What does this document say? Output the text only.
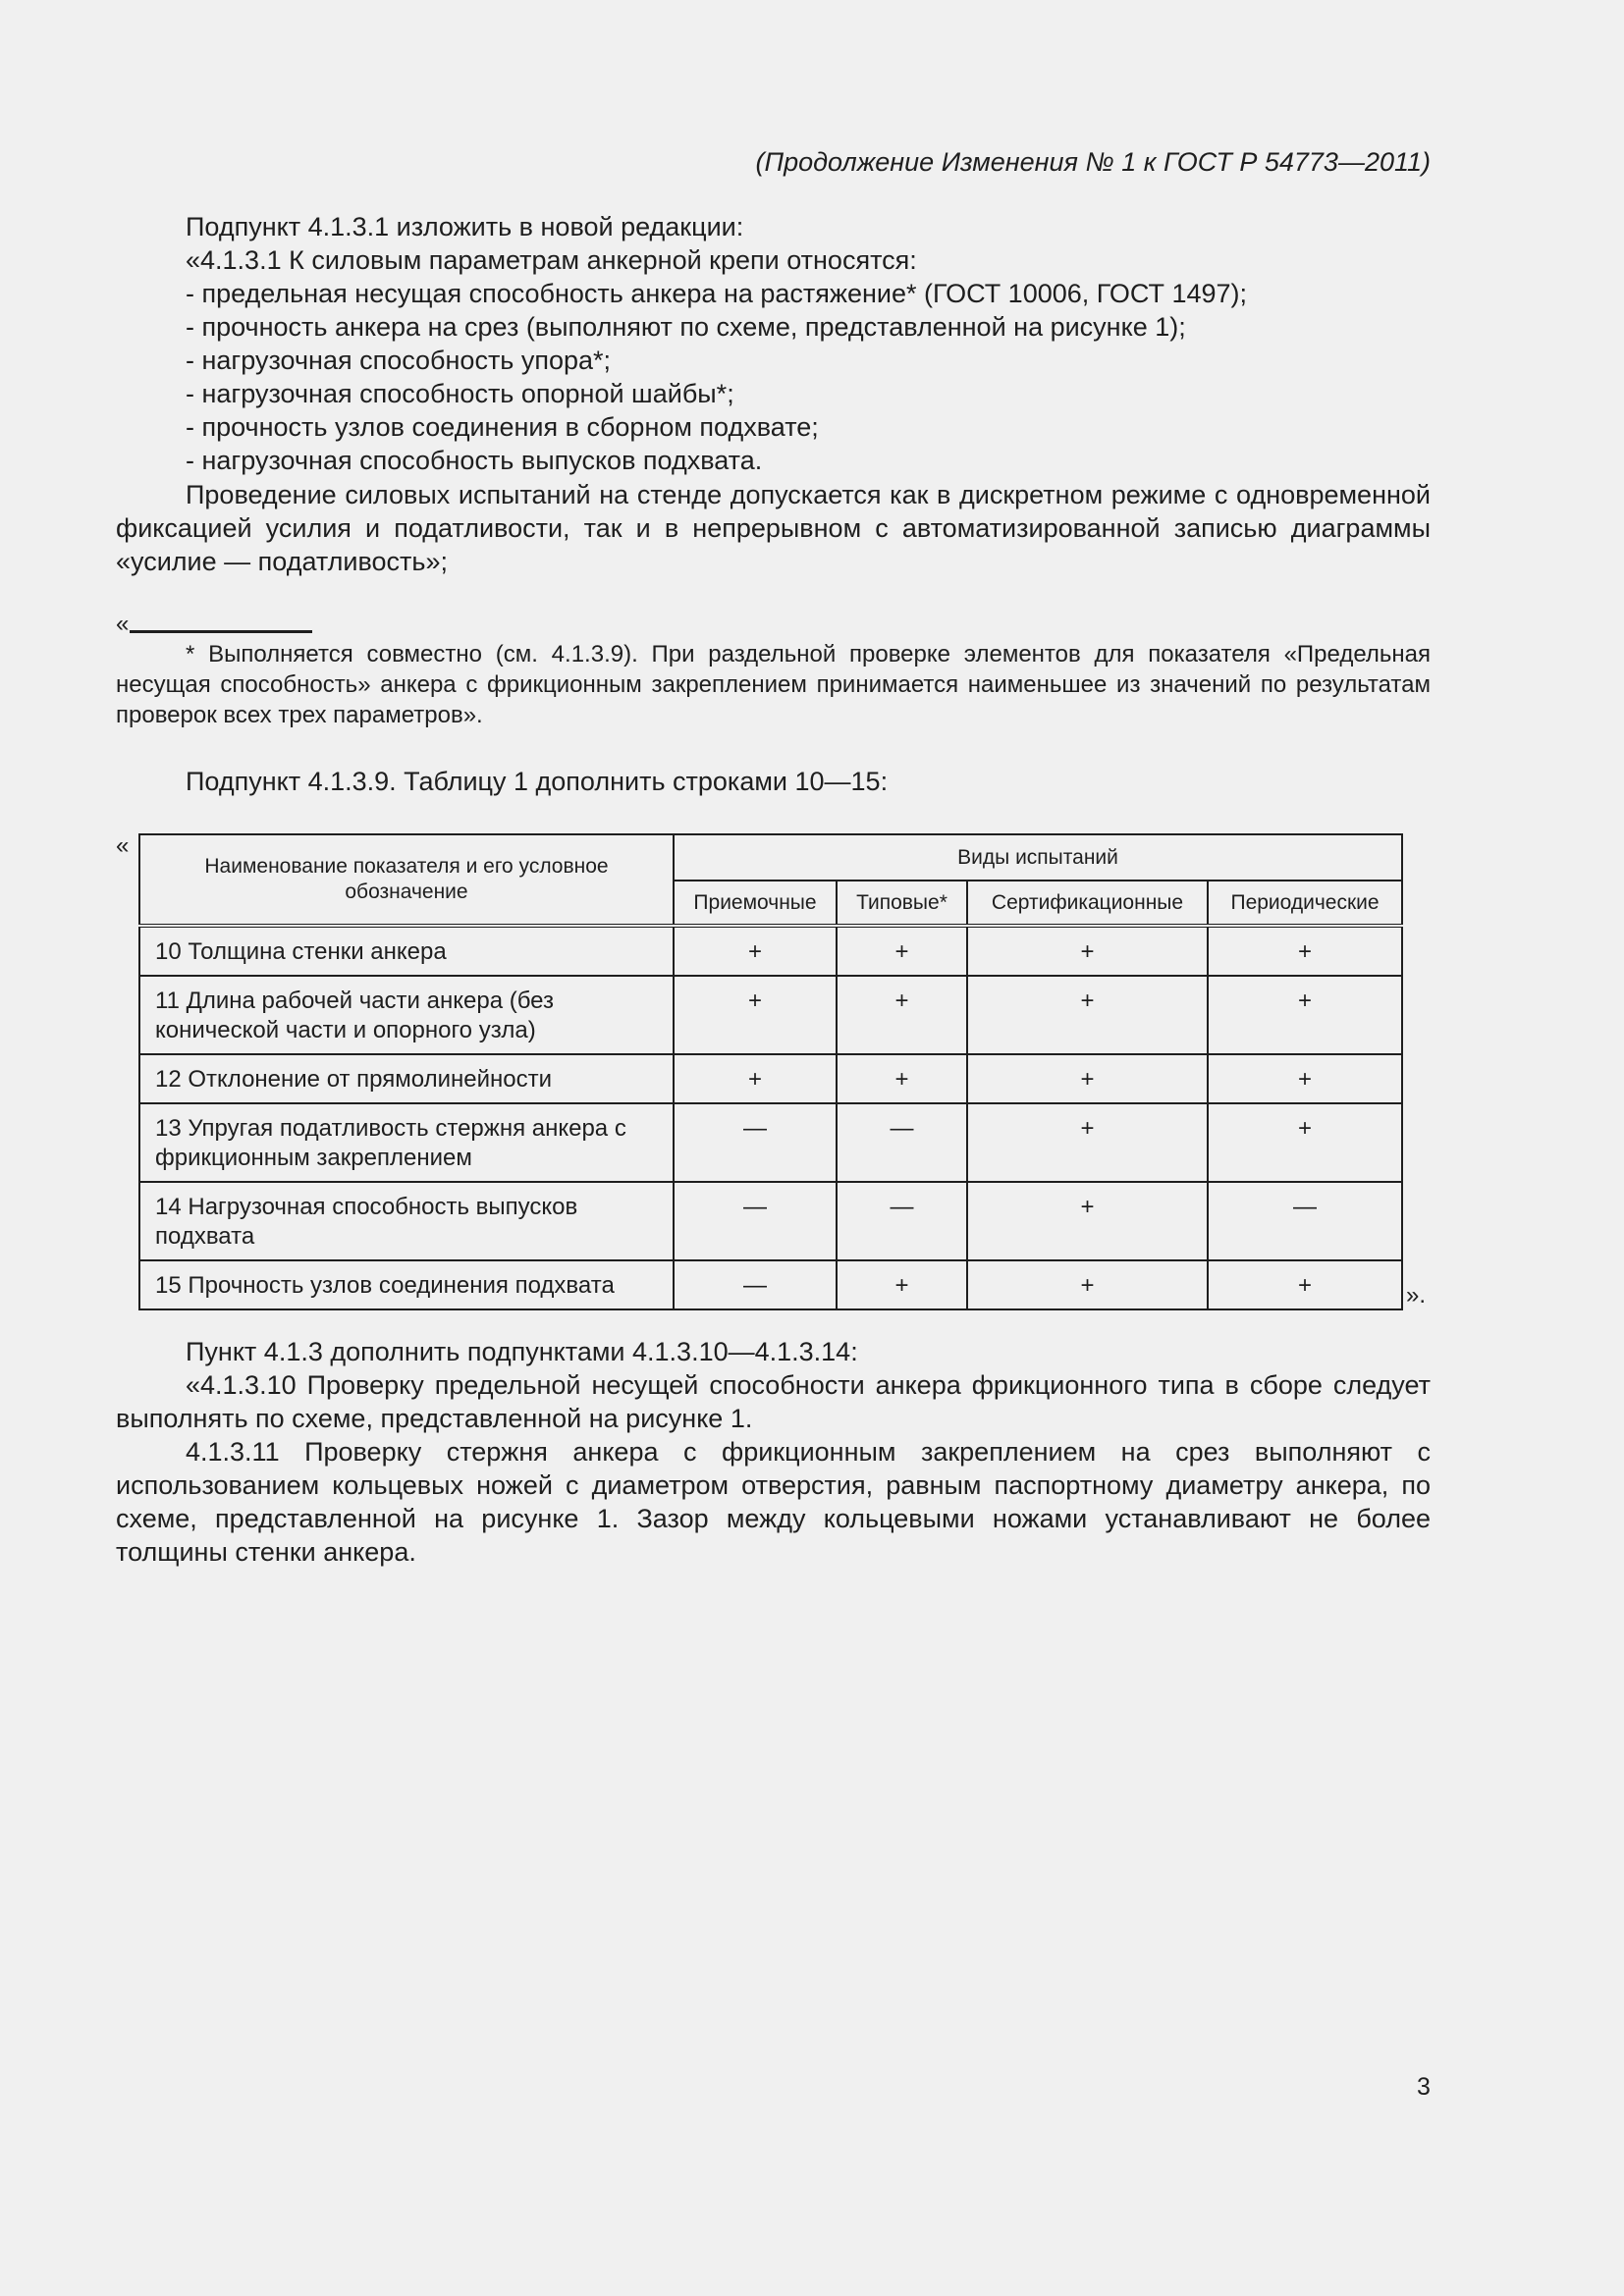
(Продолжение Изменения № 1 к ГОСТ Р 54773—2011)
Подпункт 4.1.3.1 изложить в новой редакции:
«4.1.3.1 К силовым параметрам анкерной крепи относятся:
- предельная несущая способность анкера на растяжение* (ГОСТ 10006, ГОСТ 1497);
- прочность анкера на срез (выполняют по схеме, представленной на рисунке 1);
- нагрузочная способность упора*;
- нагрузочная способность опорной шайбы*;
- прочность узлов соединения в сборном подхвате;
- нагрузочная способность выпусков подхвата.
Проведение силовых испытаний на стенде допускается как в дискретном режиме с одновременной фиксацией усилия и податливости, так и в непрерывном с автоматизированной записью диаграммы «усилие — податливость»;
«
* Выполняется совместно (см. 4.1.3.9). При раздельной проверке элементов для показателя «Предельная несущая способность» анкера с фрикционным закреплением принимается наименьшее из значений по результатам проверок всех трех параметров».
Подпункт 4.1.3.9. Таблицу 1 дополнить строками 10—15:
«
Наименование показателя и его условное обозначение	Виды испытаний			
	Приемочные	Типовые*	Сертификационные	Периодические
10 Толщина стенки анкера	+	+	+	+
11 Длина рабочей части анкера (без конической части и опорного узла)	+	+	+	+
12 Отклонение от прямолинейности	+	+	+	+
13 Упругая податливость стержня анкера с фрикционным закреплением	—	—	+	+
14 Нагрузочная способность выпусков подхвата	—	—	+	—
15 Прочность узлов соединения подхвата	—	+	+	+	».
Пункт 4.1.3 дополнить подпунктами 4.1.3.10—4.1.3.14:
«4.1.3.10 Проверку предельной несущей способности анкера фрикционного типа в сборе следует выполнять по схеме, представленной на рисунке 1.
4.1.3.11 Проверку стержня анкера с фрикционным закреплением на срез выполняют с использованием кольцевых ножей с диаметром отверстия, равным паспортному диаметру анкера, по схеме, представленной на рисунке 1. Зазор между кольцевыми ножами устанавливают не более толщины стенки анкера.
3
